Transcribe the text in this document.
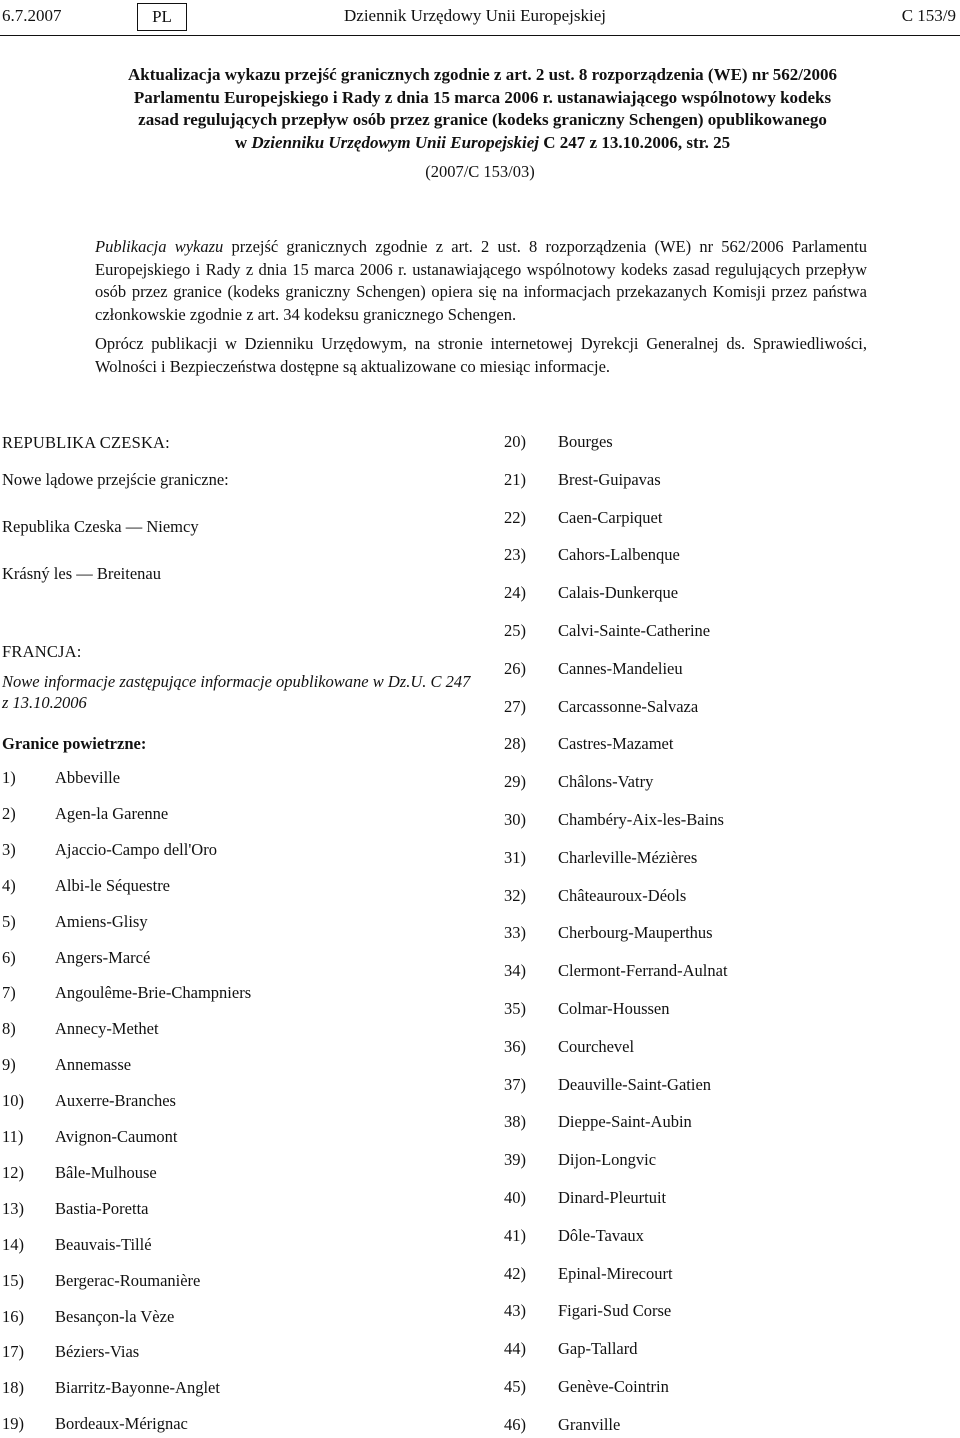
6.7.2007	PL	Dziennik Urzędowy Unii Europejskiej	C 153/9
Aktualizacja wykazu przejść granicznych zgodnie z art. 2 ust. 8 rozporządzenia (WE) nr 562/2006
Parlamentu Europejskiego i Rady z dnia 15 marca 2006 r. ustanawiającego wspólnotowy kodeks
zasad regulujących przepływ osób przez granice (kodeks graniczny Schengen) opublikowanego
w Dzienniku Urzędowym Unii Europejskiej C 247 z 13.10.2006, str. 25
(2007/C 153/03)
Publikacja wykazu przejść granicznych zgodnie z art. 2 ust. 8 rozporządzenia (WE) nr 562/2006 Parlamentu Europejskiego i Rady z dnia 15 marca 2006 r. ustanawiającego wspólnotowy kodeks zasad regulujących przepływ osób przez granice (kodeks graniczny Schengen) opiera się na informacjach przekazanych Komisji przez państwa członkowskie zgodnie z art. 34 kodeksu granicznego Schengen.
Oprócz publikacji w Dzienniku Urzędowym, na stronie internetowej Dyrekcji Generalnej ds. Sprawiedliwości, Wolności i Bezpieczeństwa dostępne są aktualizowane co miesiąc informacje.
REPUBLIKA CZESKA:
Nowe lądowe przejście graniczne:
Republika Czeska — Niemcy
Krásný les — Breitenau
FRANCJA:
Nowe informacje zastępujące informacje opublikowane w Dz.U. C 247
z 13.10.2006
Granice powietrzne:
1) Abbeville
2) Agen-la Garenne
3) Ajaccio-Campo dell'Oro
4) Albi-le Séquestre
5) Amiens-Glisy
6) Angers-Marcé
7) Angoulême-Brie-Champniers
8) Annecy-Methet
9) Annemasse
10) Auxerre-Branches
11) Avignon-Caumont
12) Bâle-Mulhouse
13) Bastia-Poretta
14) Beauvais-Tillé
15) Bergerac-Roumanière
16) Besançon-la Vèze
17) Béziers-Vias
18) Biarritz-Bayonne-Anglet
19) Bordeaux-Mérignac
20) Bourges
21) Brest-Guipavas
22) Caen-Carpiquet
23) Cahors-Lalbenque
24) Calais-Dunkerque
25) Calvi-Sainte-Catherine
26) Cannes-Mandelieu
27) Carcassonne-Salvaza
28) Castres-Mazamet
29) Châlons-Vatry
30) Chambéry-Aix-les-Bains
31) Charleville-Mézières
32) Châteauroux-Déols
33) Cherbourg-Mauperthus
34) Clermont-Ferrand-Aulnat
35) Colmar-Houssen
36) Courchevel
37) Deauville-Saint-Gatien
38) Dieppe-Saint-Aubin
39) Dijon-Longvic
40) Dinard-Pleurtuit
41) Dôle-Tavaux
42) Epinal-Mirecourt
43) Figari-Sud Corse
44) Gap-Tallard
45) Genève-Cointrin
46) Granville
